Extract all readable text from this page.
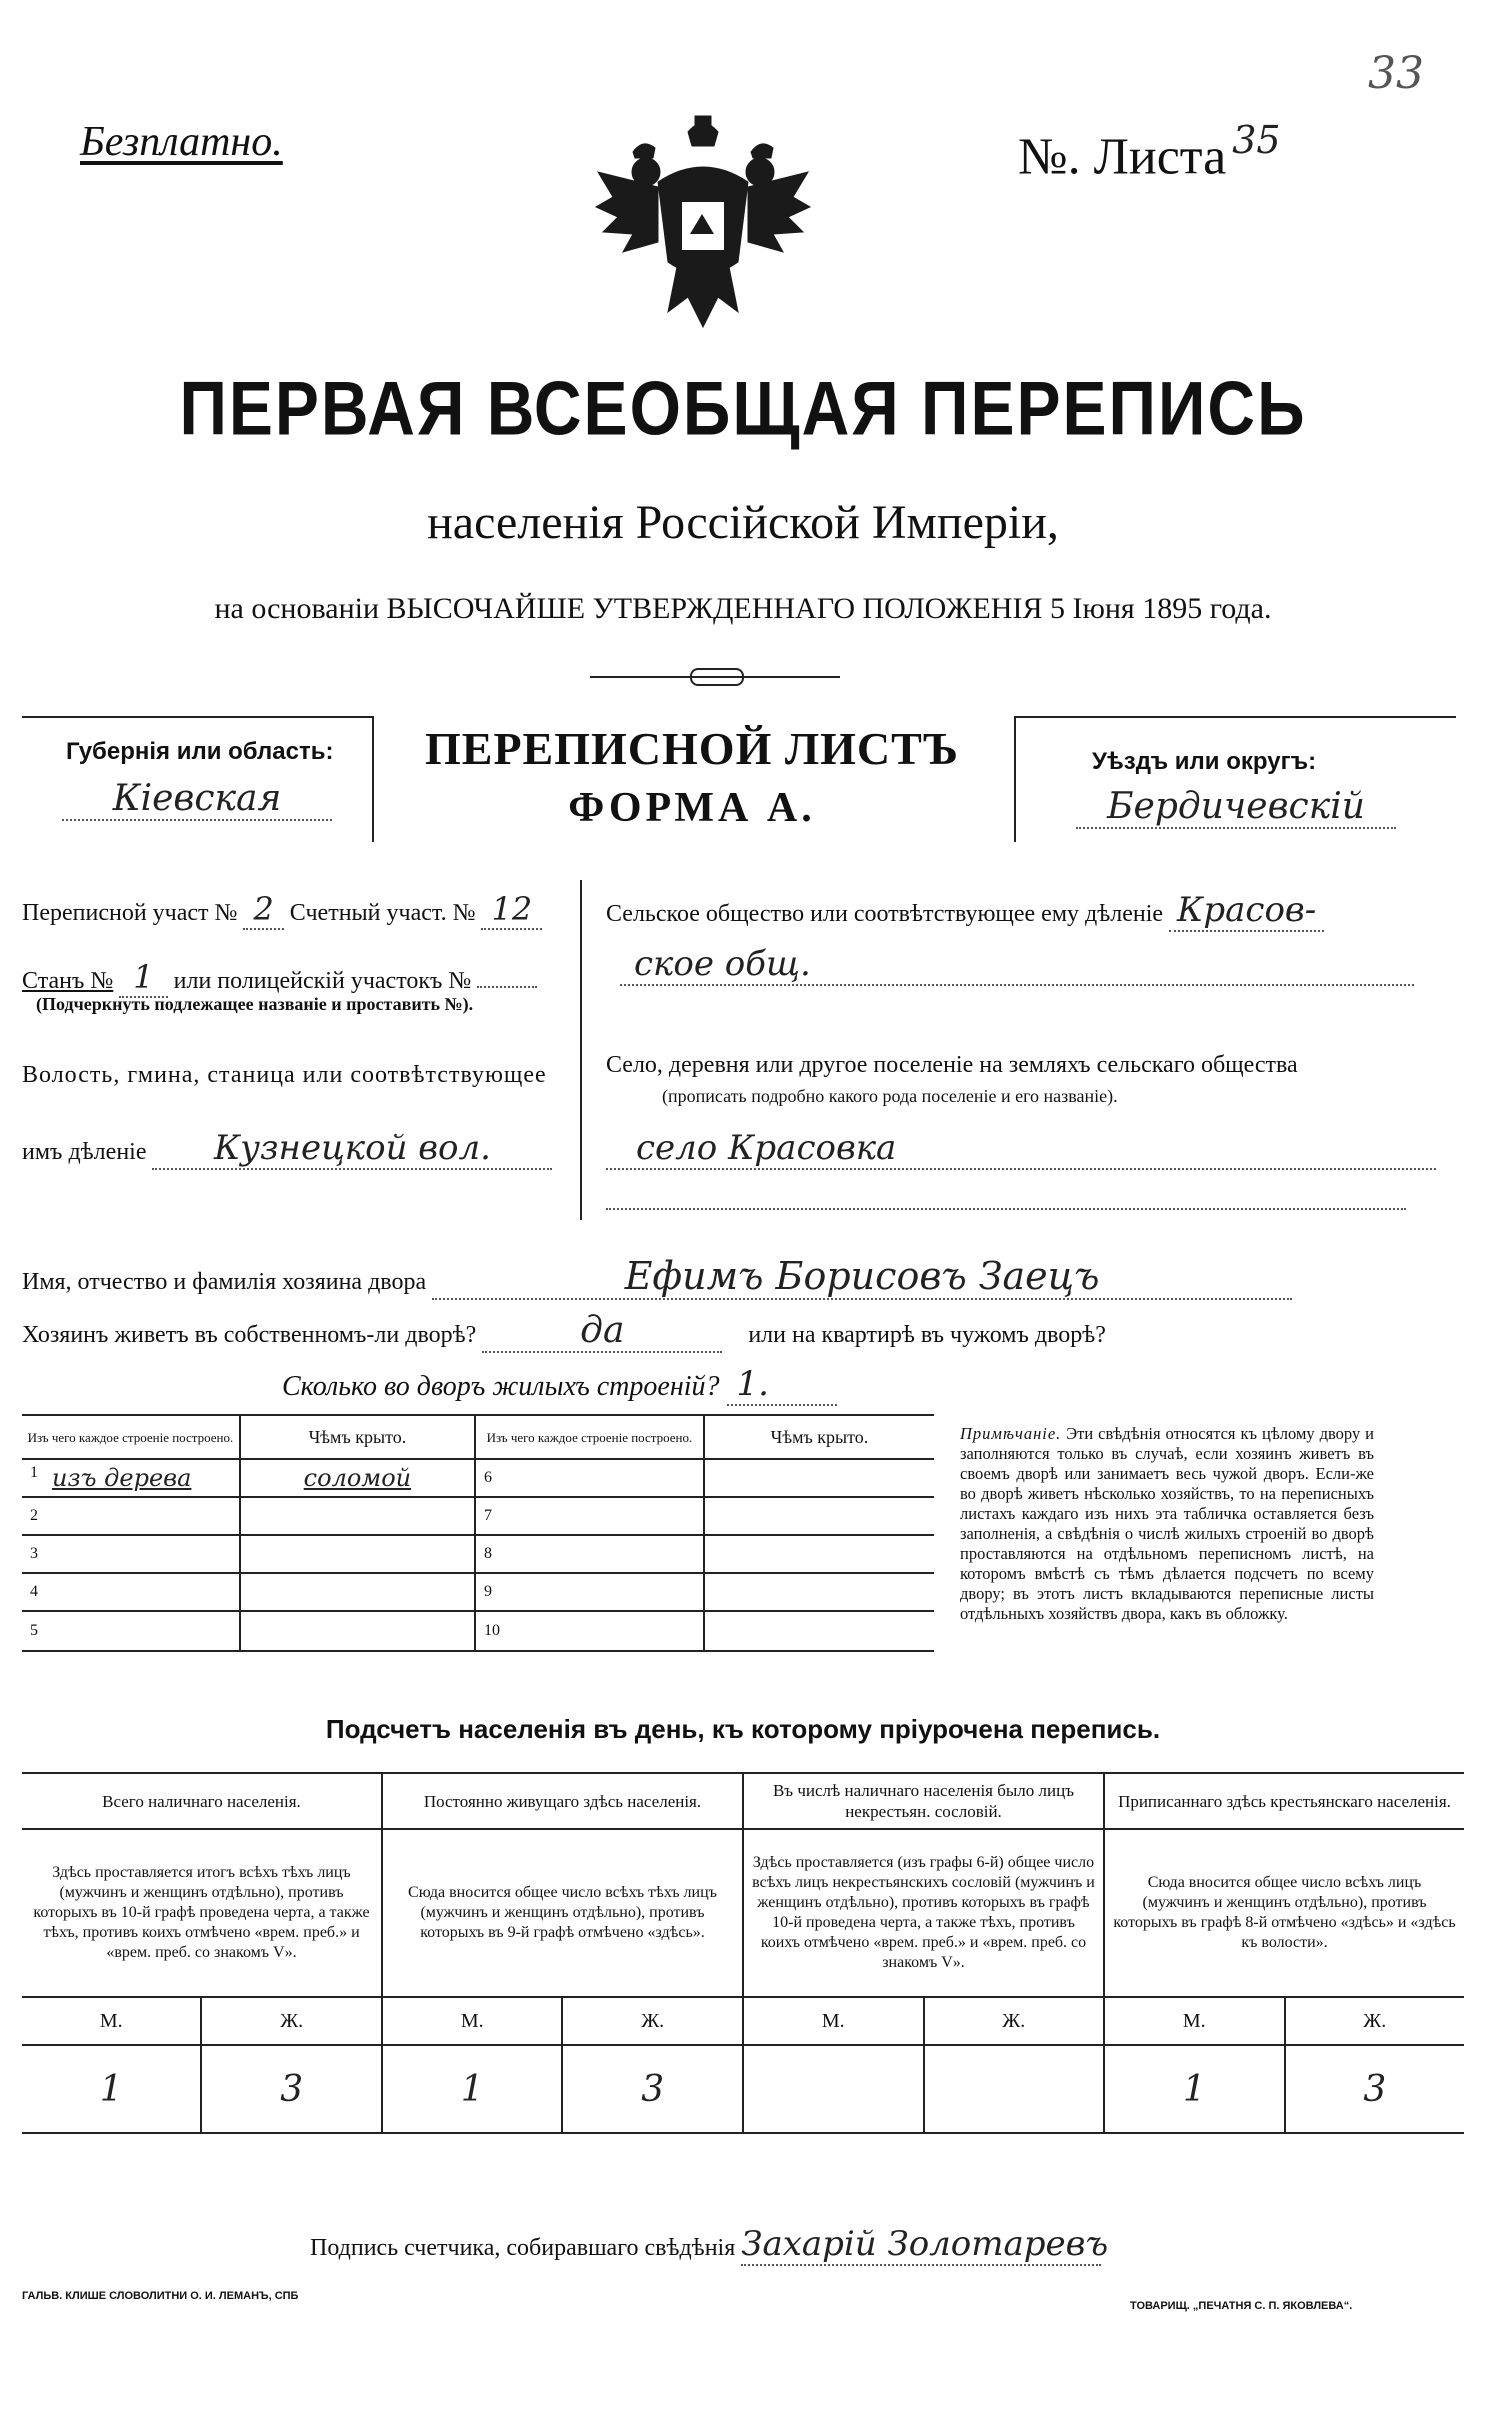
33
Безплатно.	№. Листа $^{35}$
ПЕРВАЯ ВСЕОБЩАЯ ПЕРЕПИСЬ
населенія Россійской Имперіи,
на основаніи ВЫСОЧАЙШЕ УТВЕРЖДЕННАГО ПОЛОЖЕНІЯ 5 Іюня 1895 года.
Губернія или область:
Кіевская
ПЕРЕПИСНОЙ ЛИСТЪ
ФОРМА А.
Уѣздъ или округъ:
Бердичевскій
Переписной участ № 2 Счетный участ. № 12
Станъ № 1 или полицейскій участокъ №
(Подчеркнуть подлежащее названіе и проставить №).
Волость, гмина, станица или соотвѣтствующее
имъ дѣленіе Кузнецкой вол.
Сельское общество или соотвѣтствующее ему дѣленіе Красов-
ское общ.
Село, деревня или другое поселеніе на земляхъ сельскаго общества
(прописать подробно какого рода поселеніе и его названіе).
село Красовка
Имя, отчество и фамилія хозяина двора	Ефимъ Борисовъ Заецъ
Хозяинъ живетъ въ собственномъ-ли дворѣ?	да	или на квартирѣ въ чужомъ дворѣ?
Сколько во дворъ жилыхъ строеній? 1.
Изъ чего каждое строеніе построено.	Чѣмъ крыто.	Изъ чего каждое строеніе построено.	Чѣмъ крыто.

1 изъ дерева	соломой	6	
2		7	
3		8	
4		9	
5		10	
Примѣчаніе. Эти свѣдѣнія относятся къ цѣлому двору и заполняются только въ случаѣ, если хозяинъ живетъ въ своемъ дворѣ или занимаетъ весь чужой дворъ. Если-же во дворѣ живетъ нѣсколько хозяйствъ, то на переписныхъ листахъ каждаго изъ нихъ эта табличка оставляется безъ заполненія, а свѣдѣнія о числѣ жилыхъ строеній во дворѣ проставляются на отдѣльномъ переписномъ листѣ, на которомъ вмѣстѣ съ тѣмъ дѣлается подсчетъ по всему двору; въ этотъ листъ вкладываются переписные листы отдѣльныхъ хозяйствъ двора, какъ въ обложку.
Подсчетъ населенія въ день, къ которому пріурочена перепись.
Всего наличнаго населенія.		Постоянно живущаго здѣсь населенія.		Въ числѣ наличнаго населенія было лицъ некрестьян. сословій.		Приписаннаго здѣсь крестьянскаго населенія.	
Здѣсь проставляется итогъ всѣхъ тѣхъ лицъ (мужчинъ и женщинъ отдѣльно), противъ которыхъ въ 10-й графѣ проведена черта, а также тѣхъ, противъ коихъ отмѣчено «врем. преб.» и «врем. преб. со знакомъ V».		Сюда вносится общее число всѣхъ тѣхъ лицъ (мужчинъ и женщинъ отдѣльно), противъ которыхъ въ 9-й графѣ отмѣчено «здѣсь».		Здѣсь проставляется (изъ графы 6-й) общее число всѣхъ лицъ некрестьянскихъ сословій (мужчинъ и женщинъ отдѣльно), противъ которыхъ въ графѣ 10-й проведена черта, а также тѣхъ, противъ коихъ отмѣчено «врем. преб.» и «врем. преб. со знакомъ V».		Сюда вносится общее число всѣхъ лицъ (мужчинъ и женщинъ отдѣльно), противъ которыхъ въ графѣ 8-й отмѣчено «здѣсь» и «здѣсь къ волости».	
М.	Ж.	М.	Ж.	М.	Ж.	М.	Ж.
1	3	1	3			1	3

Подпись счетчика, собиравшаго свѣдѣнія Захарій Золотаревъ
ГАЛЬВ. КЛИШЕ СЛОВОЛИТНИ О. И. ЛЕМАНЪ, СПБ
ТОВАРИЩ. „ПЕЧАТНЯ С. П. ЯКОВЛЕВА“.
